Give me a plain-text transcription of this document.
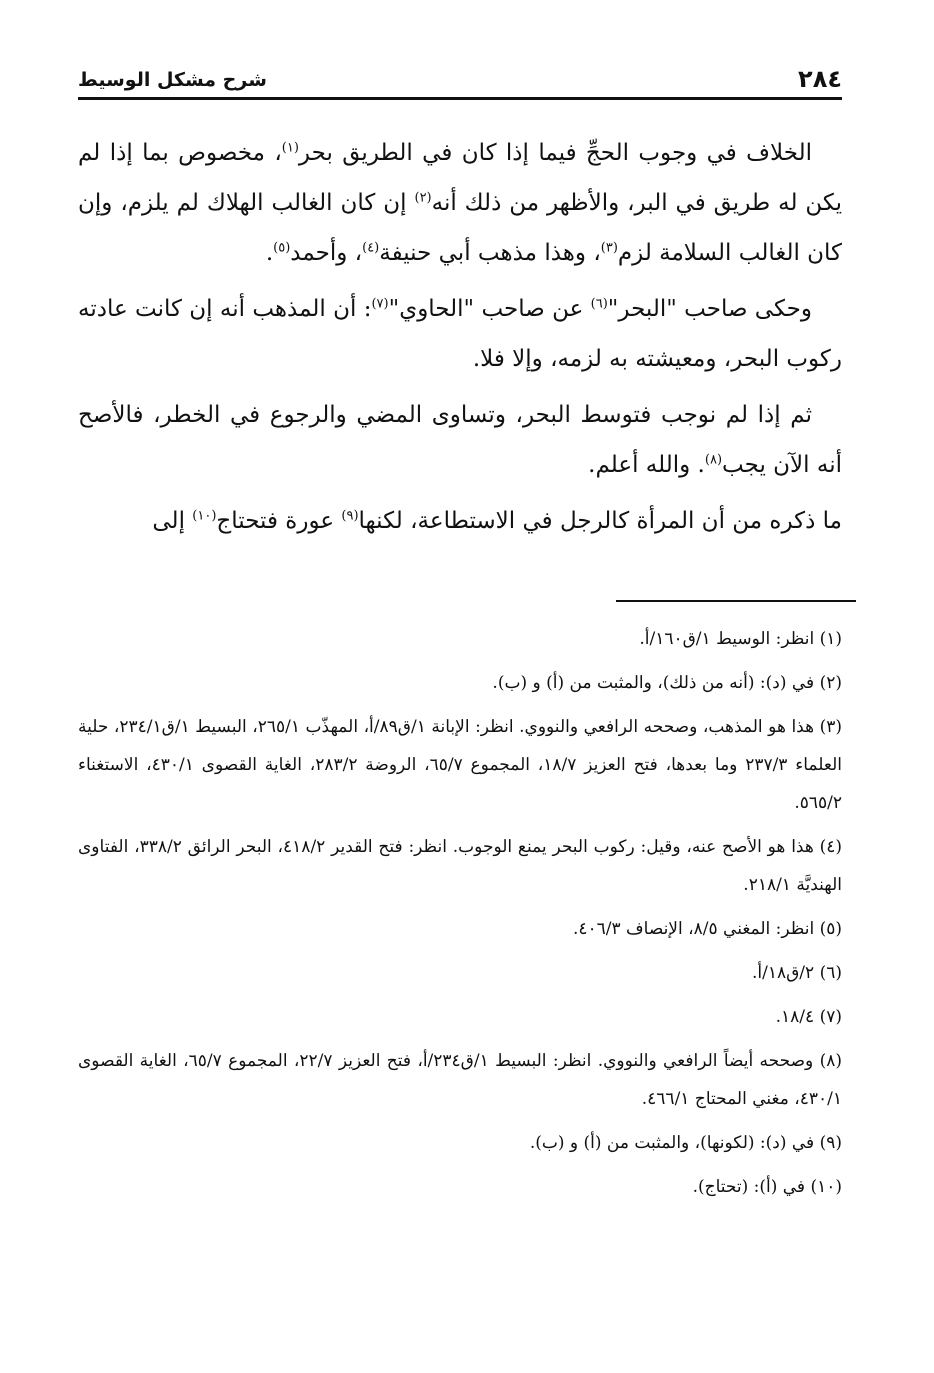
٢٨٤
شرح مشكل الوسيط

الخلاف في وجوب الحجِّ فيما إذا كان في الطريق بحر$^{(١)}$، مخصوص بما إذا لم يكن له طريق في البر، والأظهر من ذلك أنه$^{(٢)}$ إن كان الغالب الهلاك لم يلزم، وإن كان الغالب السلامة لزم$^{(٣)}$، وهذا مذهب أبي حنيفة$^{(٤)}$، وأحمد$^{(٥)}$.

وحكى صاحب "البحر"$^{(٦)}$ عن صاحب "الحاوي"$^{(٧)}$: أن المذهب أنه إن كانت عادته ركوب البحر، ومعيشته به لزمه، وإلا فلا.

ثم إذا لم نوجب فتوسط البحر، وتساوى المضي والرجوع في الخطر، فالأصح أنه الآن يجب$^{(٨)}$. والله أعلم.

ما ذكره من أن المرأة كالرجل في الاستطاعة، لكنها$^{(٩)}$ عورة فتحتاج$^{(١٠)}$ إلى

(١) انظر: الوسيط ١/ق١٦٠/أ.
(٢) في (د): (أنه من ذلك)، والمثبت من (أ) و (ب).
(٣) هذا هو المذهب، وصححه الرافعي والنووي. انظر: الإبانة ١/ق٨٩/أ، المهذّب ٢٦٥/١، البسيط ١/ق٢٣٤/١، حلية العلماء ٢٣٧/٣ وما بعدها، فتح العزيز ١٨/٧، المجموع ٦٥/٧، الروضة ٢٨٣/٢، الغاية القصوى ٤٣٠/١، الاستغناء ٥٦٥/٢.
(٤) هذا هو الأصح عنه، وقيل: ركوب البحر يمنع الوجوب. انظر: فتح القدير ٤١٨/٢، البحر الرائق ٣٣٨/٢، الفتاوى الهنديَّة ٢١٨/١.
(٥) انظر: المغني ٨/٥، الإنصاف ٤٠٦/٣.
(٦) ٢/ق١٨/أ.
(٧) ١٨/٤.
(٨) وصححه أيضاً الرافعي والنووي. انظر: البسيط ١/ق٢٣٤/أ، فتح العزيز ٢٢/٧، المجموع ٦٥/٧، الغاية القصوى ٤٣٠/١، مغني المحتاج ٤٦٦/١.
(٩) في (د): (لكونها)، والمثبت من (أ) و (ب).
(١٠) في (أ): (تحتاج).
